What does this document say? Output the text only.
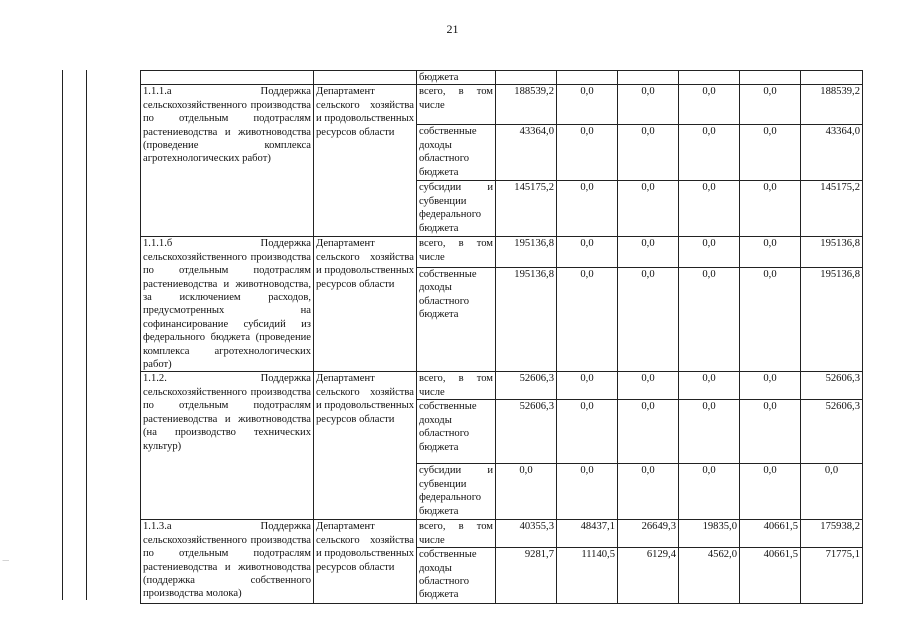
21
		бюджета						
1.1.1.а Поддержка сельскохозяйственного производства по отдельным подотраслям растениеводства и животноводства (проведение комплекса агротехнологических работ)	Департамент сельского хозяйства и продовольственных ресурсов области	всего, в том числе	188539,2	0,0	0,0	0,0	0,0	188539,2
		собственные доходы областного бюджета	43364,0	0,0	0,0	0,0	0,0	43364,0
		субсидии и субвенции федерального бюджета	145175,2	0,0	0,0	0,0	0,0	145175,2
1.1.1.б Поддержка сельскохозяйственного производства по отдельным подотраслям растениеводства и животноводства, за исключением расходов, предусмотренных на софинансирование субсидий из федерального бюджета (проведение комплекса агротехнологических работ)	Департамент сельского хозяйства и продовольственных ресурсов области	всего, в том числе	195136,8	0,0	0,0	0,0	0,0	195136,8
		собственные доходы областного бюджета	195136,8	0,0	0,0	0,0	0,0	195136,8
1.1.2. Поддержка сельскохозяйственного производства по отдельным подотраслям растениеводства и животноводства (на производство технических культур)	Департамент сельского хозяйства и продовольственных ресурсов области	всего, в том числе	52606,3	0,0	0,0	0,0	0,0	52606,3
		собственные доходы областного бюджета	52606,3	0,0	0,0	0,0	0,0	52606,3
		субсидии и субвенции федерального бюджета	0,0	0,0	0,0	0,0	0,0	0,0
1.1.3.а Поддержка сельскохозяйственного производства по отдельным подотраслям растениеводства и животноводства (поддержка собственного производства молока)	Департамент сельского хозяйства и продовольственных ресурсов области	всего, в том числе	40355,3	48437,1	26649,3	19835,0	40661,5	175938,2
		собственные доходы областного бюджета	9281,7	11140,5	6129,4	4562,0	40661,5	71775,1
|
